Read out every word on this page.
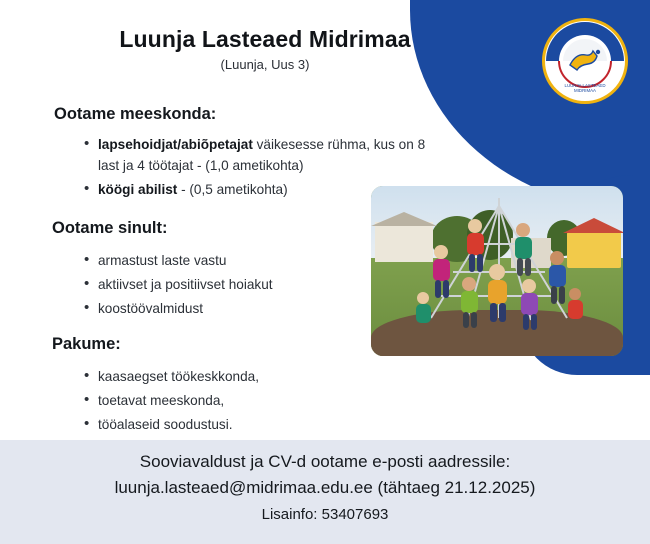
LUUNJA LASTEAED
MIDRIMAA
Luunja Lasteaed Midrimaa
(Luunja, Uus 3)
Ootame meeskonda:
• lapsehoidjat/abiõpetajat väikesesse rühma, kus on 8 last ja 4 töötajat - (1,0 ametikohta)
• köögi abilist - (0,5 ametikohta)
Ootame sinult:
• armastust laste vastu
• aktiivset ja positiivset hoiakut
• koostöövalmidust
Pakume:
• kaasaegset töökeskkonda,
• toetavat meeskonda,
• tööalaseid soodustusi.
Sooviavaldust ja CV-d ootame e-posti aadressile:
luunja.lasteaed@midrimaa.edu.ee (tähtaeg 21.12.2025)
Lisainfo: 53407693
